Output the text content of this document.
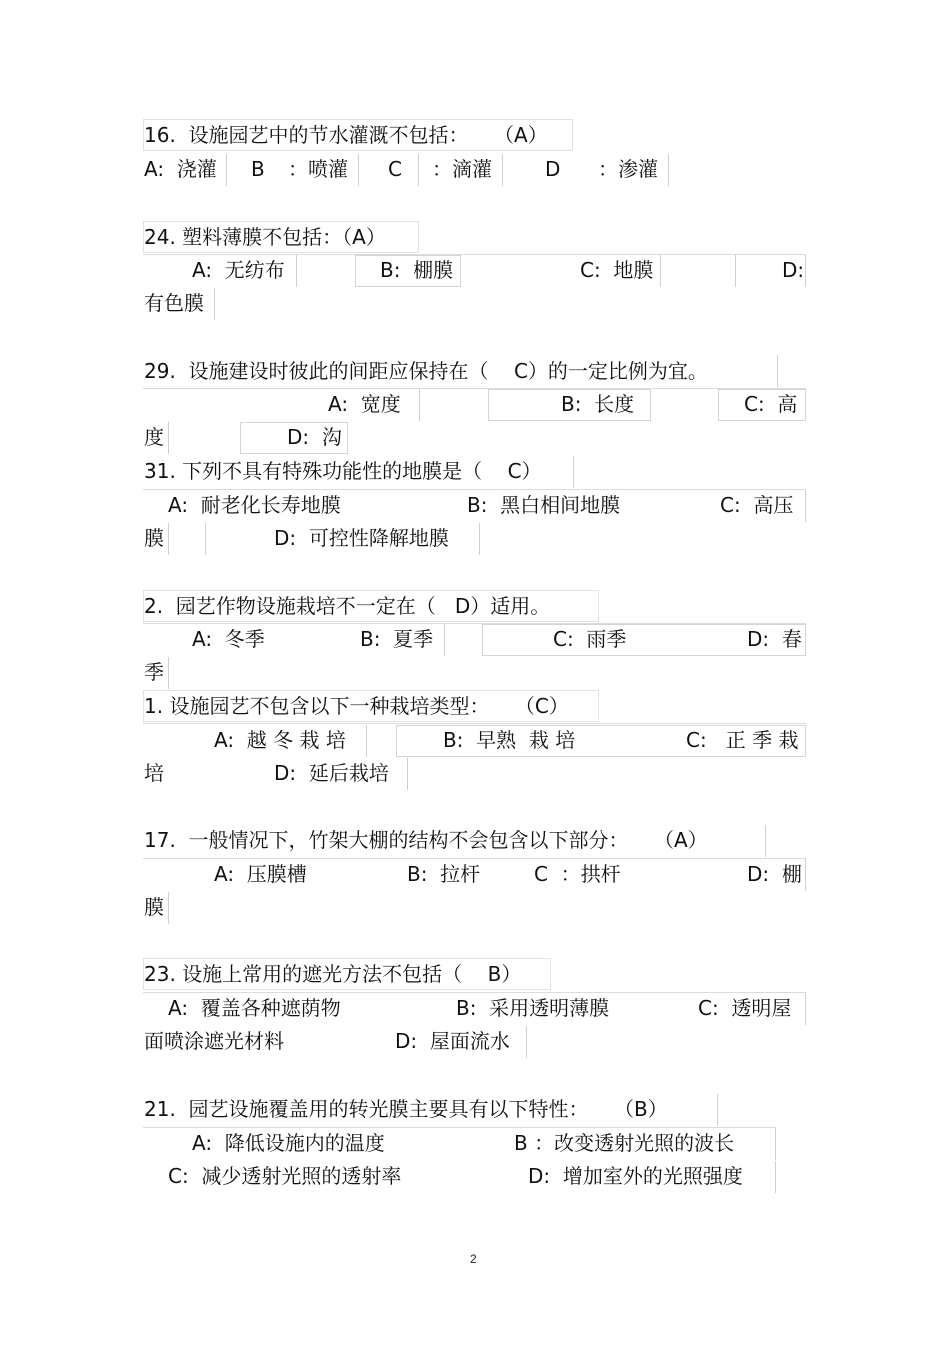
16.  设施园艺中的节水灌溉不包括：    （A）
A:  浇灌 B ：喷灌 C ：滴灌	D ：渗灌
24. 塑料薄膜不包括：（A）
A:  无纺布	B:  棚膜	C:  地膜	D:
有色膜
29.  设施建设时彼此的间距应保持在（    C）的一定比例为宜。
A:  宽度	B:  长度	C:  高
度	D:  沟
31. 下列不具有特殊功能性的地膜是（    C）
A:  耐老化长寿地膜	B:  黑白相间地膜	C:  高压
膜	D:  可控性降解地膜
2.  园艺作物设施栽培不一定在（   D）适用。
A:  冬季	B:  夏季	C:  雨季	D:  春
季
1. 设施园艺不包含以下一种栽培类型：    （C）
A:  越 冬 栽 培	B:  早熟  栽 培	C:   正 季 栽
培	D:  延后栽培
17.  一般情况下，竹架大棚的结构不会包含以下部分：    （A）
A:  压膜槽	B:  拉杆	C  ：拱杆	D:  棚
膜
23. 设施上常用的遮光方法不包括（    B）
A:  覆盖各种遮荫物	B:  采用透明薄膜	C:  透明屋
面喷涂遮光材料	D:  屋面流水
21.  园艺设施覆盖用的转光膜主要具有以下特性：    （B）
A:  降低设施内的温度	B ：改变透射光照的波长
C:  减少透射光照的透射率	D:  增加室外的光照强度
2
